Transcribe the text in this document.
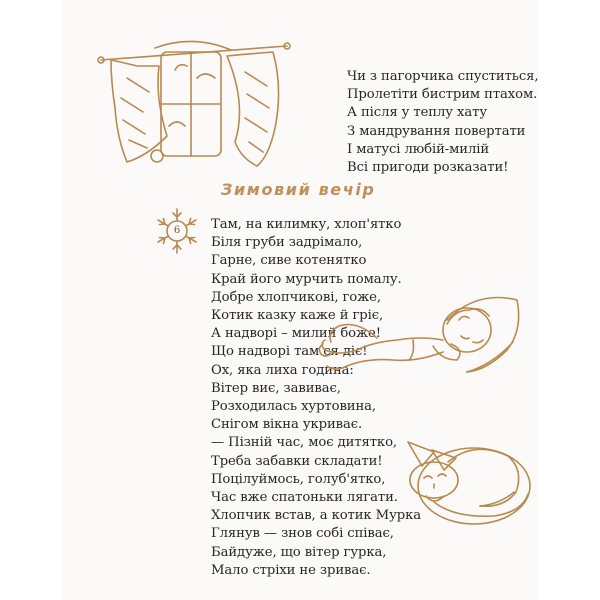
Чи з пагорчика спуститься,
Пролетіти бистрим птахом.
А після у теплу хату
З мандрування повертати
І матусі любій-милій
Всі пригоди розказати!
Зимовий вечір
6	Там, на килимку, хлоп'ятко
Біля груби задрімало,
Гарне, сиве котенятко
Край його мурчить помалу.
Добре хлопчикові, гоже,
Котик казку каже й гріє,
А надворі – милий боже!
Що надворі там ся діє!
Ох, яка лиха година:
Вітер виє, завиває,
Розходилась хуртовина,
Снігом вікна укриває.
— Пізній час, моє дитятко,
Треба забавки складати!
Поцілуймось, голуб'ятко,
Час вже спатоньки лягати.
Хлопчик встав, а котик Мурка
Глянув — знов собі співає,
Байдуже, що вітер гурка,
Мало стріхи не зриває.
